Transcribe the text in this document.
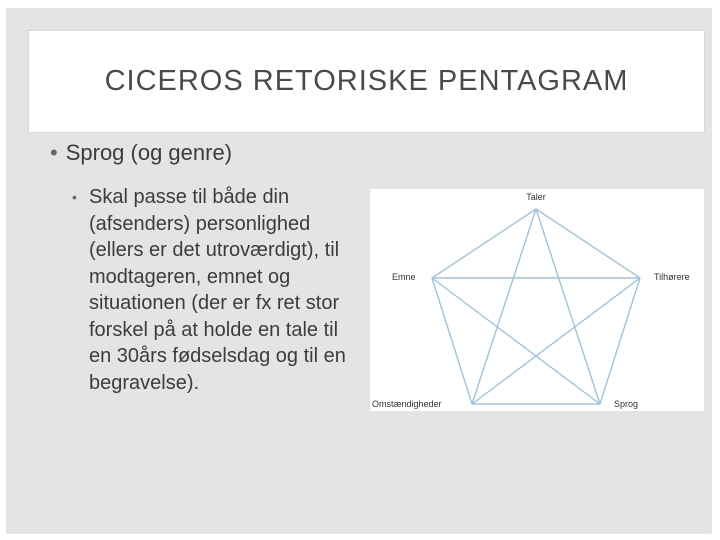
CICEROS RETORISKE PENTAGRAM
• Sprog (og genre)
• Skal passe til både din (afsenders) personlighed (ellers er det utroværdigt), til modtageren, emnet og situationen (der er fx ret stor forskel på at holde en tale til en 30års fødselsdag og til en begravelse).
Taler
Emne	Tilhørere
Omstændigheder	Sprog
